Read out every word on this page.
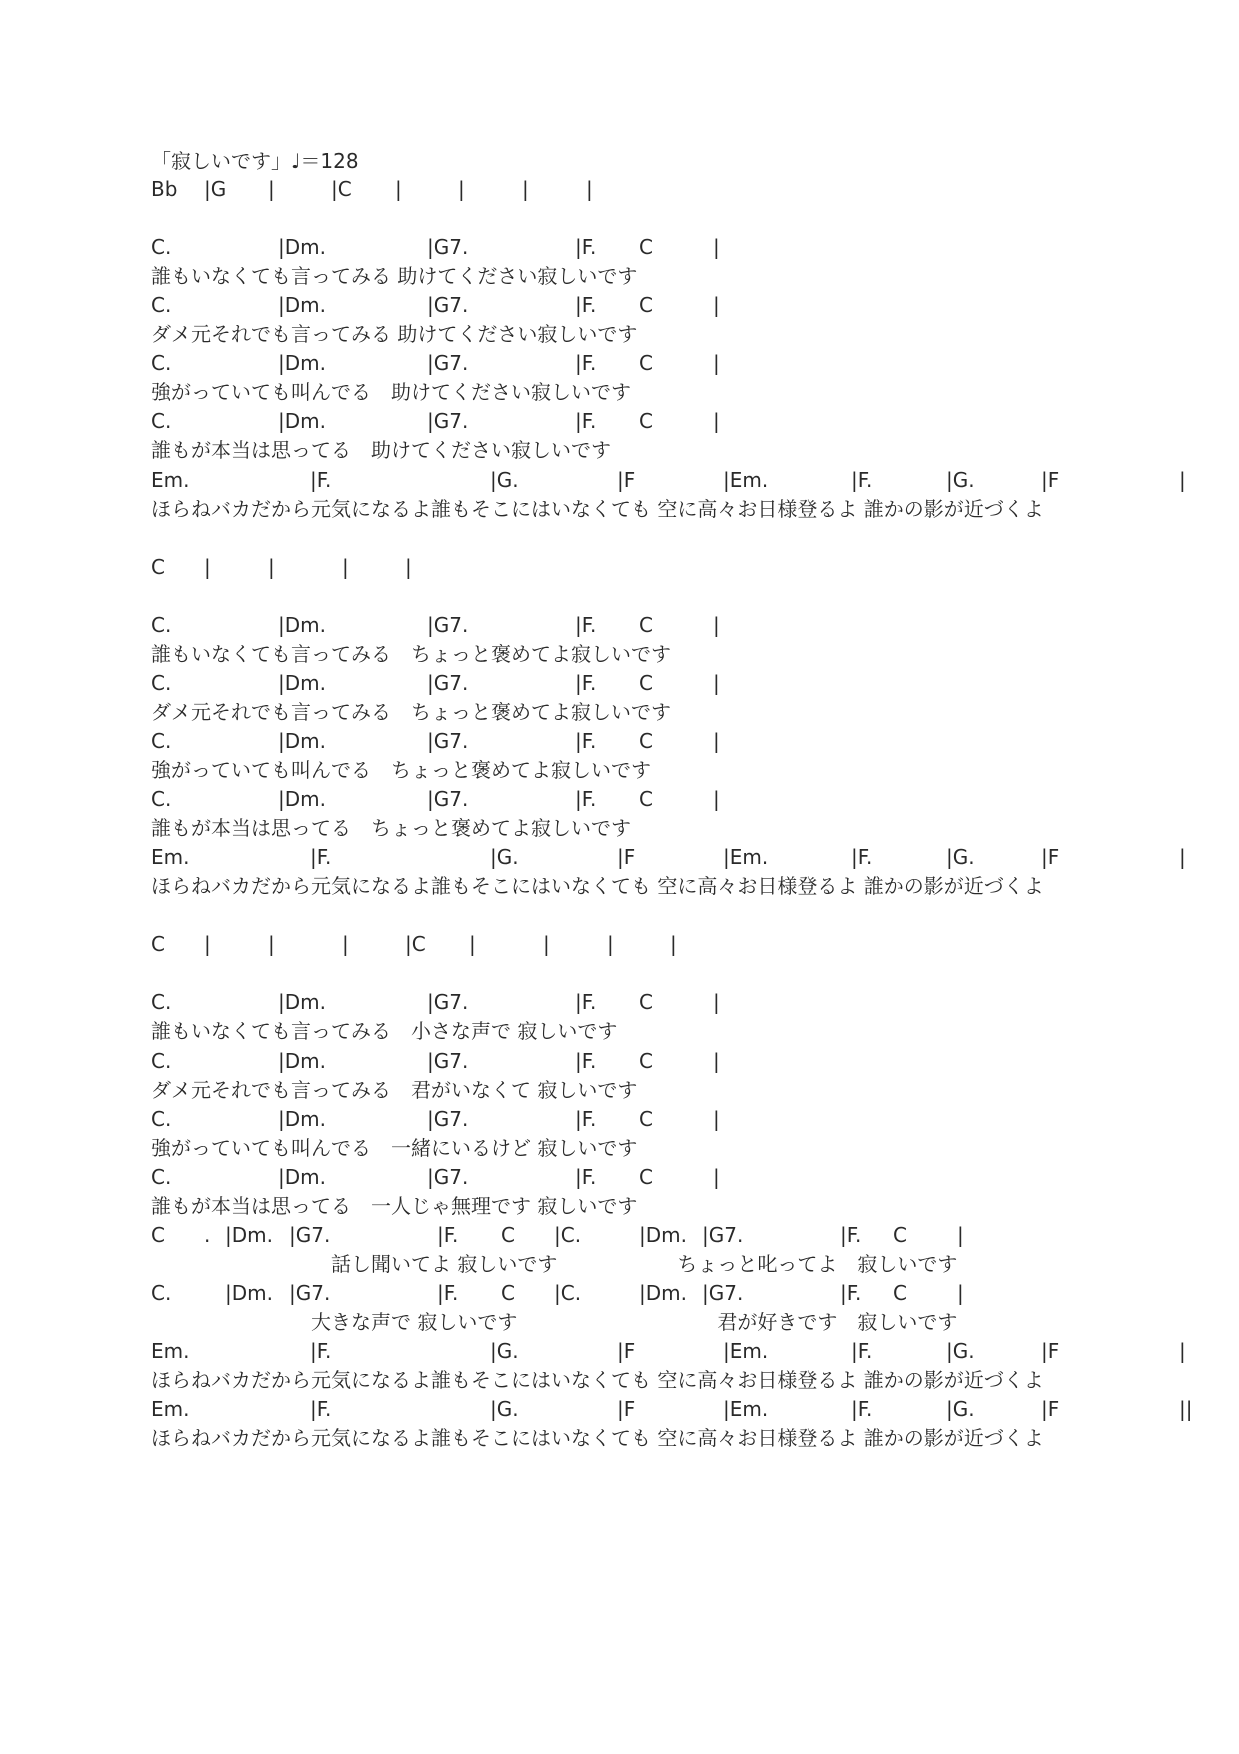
「寂しいです」♩＝128
Bb |G |	|C |	|	|	|
C.	|Dm.	|G7.	|F. C	|
誰もいなくても言ってみる 助けてください寂しいです
C.	|Dm.	|G7.	|F. C	|
ダメ元それでも言ってみる 助けてください寂しいです
C.	|Dm.	|G7.	|F. C	|
強がっていても叫んでる　助けてください寂しいです
C.	|Dm.	|G7.	|F. C	|
誰もが本当は思ってる　助けてください寂しいです
Em.	|F.	|G.	|F	|Em.	|F.	|G.	|F	|
ほらねバカだから元気になるよ誰もそこにはいなくても 空に高々お日様登るよ 誰かの影が近づくよ
C |	|	|	|
C.	|Dm.	|G7.	|F. C	|
誰もいなくても言ってみる　ちょっと褒めてよ寂しいです
C.	|Dm.	|G7.	|F. C	|
ダメ元それでも言ってみる　ちょっと褒めてよ寂しいです
C.	|Dm.	|G7.	|F. C	|
強がっていても叫んでる　ちょっと褒めてよ寂しいです
C.	|Dm.	|G7.	|F. C	|
誰もが本当は思ってる　ちょっと褒めてよ寂しいです
Em.	|F.	|G.	|F	|Em.	|F.	|G.	|F	|
ほらねバカだから元気になるよ誰もそこにはいなくても 空に高々お日様登るよ 誰かの影が近づくよ
C |	|	|	|C |	|	|	|
C.	|Dm.	|G7.	|F. C	|
誰もいなくても言ってみる　小さな声で 寂しいです
C.	|Dm.	|G7.	|F. C	|
ダメ元それでも言ってみる　君がいなくて 寂しいです
C.	|Dm.	|G7.	|F. C	|
強がっていても叫んでる　一緒にいるけど 寂しいです
C.	|Dm.	|G7.	|F. C	|
誰もが本当は思ってる　一人じゃ無理です 寂しいです
C . |Dm. |G7.	|F. C |C.	|Dm. |G7.	|F. C	|
　　　　　　　　　話し聞いてよ 寂しいです　　　　　　ちょっと叱ってよ　寂しいです
C.	|Dm. |G7.	|F. C |C.	|Dm. |G7.	|F. C	|
　　　　　　　　大きな声で 寂しいです　　　　　　　　　　君が好きです　寂しいです
Em.	|F.	|G.	|F	|Em.	|F.	|G.	|F	|
ほらねバカだから元気になるよ誰もそこにはいなくても 空に高々お日様登るよ 誰かの影が近づくよ
Em.	|F.	|G.	|F	|Em.	|F.	|G.	|F	||
ほらねバカだから元気になるよ誰もそこにはいなくても 空に高々お日様登るよ 誰かの影が近づくよ
